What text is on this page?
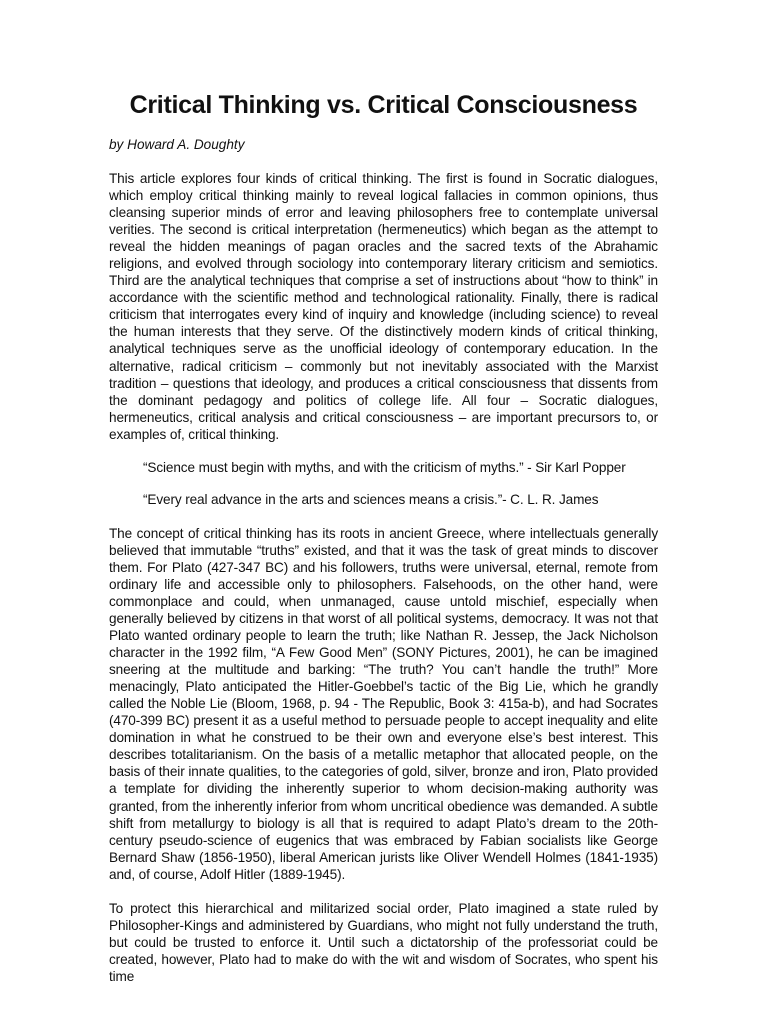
Critical Thinking vs. Critical Consciousness

by Howard A. Doughty

This article explores four kinds of critical thinking. The first is found in Socratic dialogues, which employ critical thinking mainly to reveal logical fallacies in common opinions, thus cleansing superior minds of error and leaving philosophers free to contemplate universal verities. The second is critical interpretation (hermeneutics) which began as the attempt to reveal the hidden meanings of pagan oracles and the sacred texts of the Abrahamic religions, and evolved through sociology into contemporary literary criticism and semiotics. Third are the analytical techniques that comprise a set of instructions about “how to think” in accordance with the scientific method and technological rationality. Finally, there is radical criticism that interrogates every kind of inquiry and knowledge (including science) to reveal the human interests that they serve. Of the distinctively modern kinds of critical thinking, analytical techniques serve as the unofficial ideology of contemporary education. In the alternative, radical criticism – commonly but not inevitably associated with the Marxist tradition – questions that ideology, and produces a critical consciousness that dissents from the dominant pedagogy and politics of college life. All four – Socratic dialogues, hermeneutics, critical analysis and critical consciousness – are important precursors to, or examples of, critical thinking.

“Science must begin with myths, and with the criticism of myths.” - Sir Karl Popper

“Every real advance in the arts and sciences means a crisis.”- C. L. R. James

The concept of critical thinking has its roots in ancient Greece, where intellectuals generally believed that immutable “truths” existed, and that it was the task of great minds to discover them. For Plato (427-347 BC) and his followers, truths were universal, eternal, remote from ordinary life and accessible only to philosophers. Falsehoods, on the other hand, were commonplace and could, when unmanaged, cause untold mischief, especially when generally believed by citizens in that worst of all political systems, democracy. It was not that Plato wanted ordinary people to learn the truth; like Nathan R. Jessep, the Jack Nicholson character in the 1992 film, “A Few Good Men” (SONY Pictures, 2001), he can be imagined sneering at the multitude and barking: “The truth? You can’t handle the truth!” More menacingly, Plato anticipated the Hitler-Goebbel’s tactic of the Big Lie, which he grandly called the Noble Lie (Bloom, 1968, p. 94 - The Republic, Book 3: 415a-b), and had Socrates (470-399 BC) present it as a useful method to persuade people to accept inequality and elite domination in what he construed to be their own and everyone else’s best interest. This describes totalitarianism. On the basis of a metallic metaphor that allocated people, on the basis of their innate qualities, to the categories of gold, silver, bronze and iron, Plato provided a template for dividing the inherently superior to whom decision-making authority was granted, from the inherently inferior from whom uncritical obedience was demanded. A subtle shift from metallurgy to biology is all that is required to adapt Plato’s dream to the 20th-century pseudo-science of eugenics that was embraced by Fabian socialists like George Bernard Shaw (1856-1950), liberal American jurists like Oliver Wendell Holmes (1841-1935) and, of course, Adolf Hitler (1889-1945).

To protect this hierarchical and militarized social order, Plato imagined a state ruled by Philosopher-Kings and administered by Guardians, who might not fully understand the truth, but could be trusted to enforce it. Until such a dictatorship of the professoriat could be created, however, Plato had to make do with the wit and wisdom of Socrates, who spent his time
